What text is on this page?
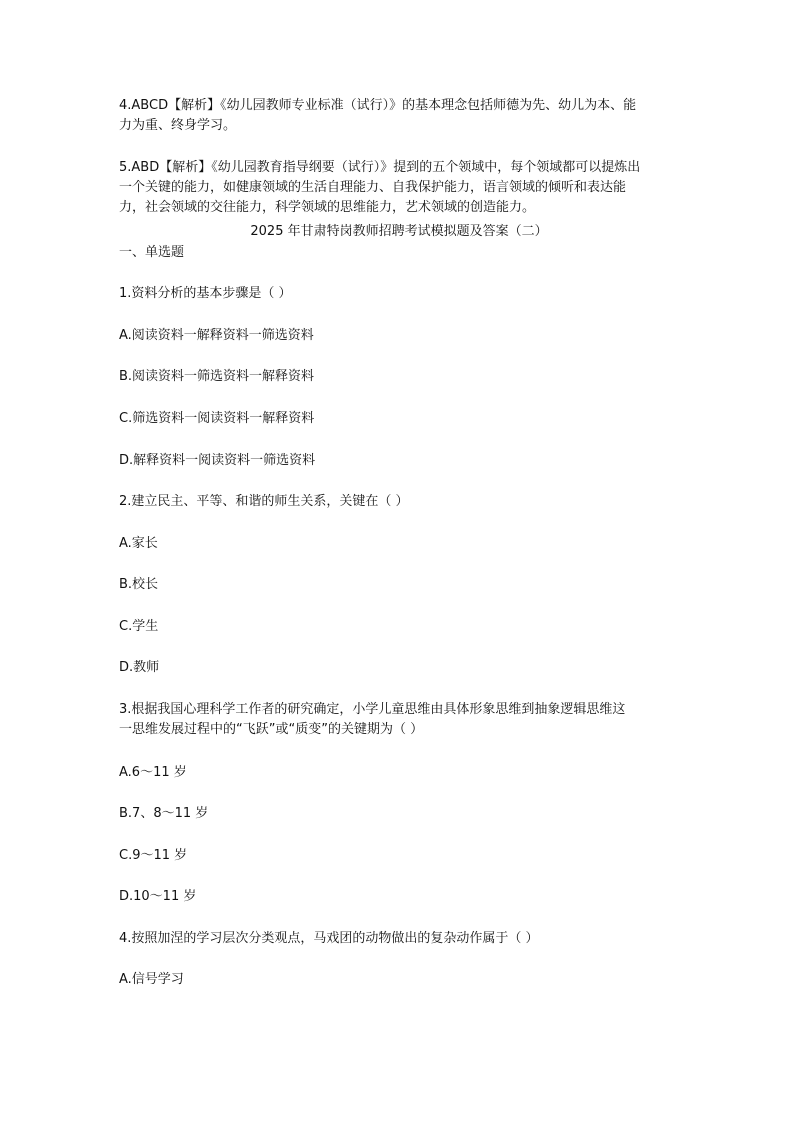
4.ABCD【解析】《幼儿园教师专业标准（试行）》的基本理念包括师德为先、幼儿为本、能
力为重、终身学习。

5.ABD【解析】《幼儿园教育指导纲要（试行）》提到的五个领域中，每个领域都可以提炼出
一个关键的能力，如健康领域的生活自理能力、自我保护能力，语言领域的倾听和表达能
力，社会领域的交往能力，科学领域的思维能力，艺术领域的创造能力。

2025 年甘肃特岗教师招聘考试模拟题及答案（二）

一、单选题

1.资料分析的基本步骤是（ ）

A.阅读资料一解释资料一筛选资料

B.阅读资料一筛选资料一解释资料

C.筛选资料一阅读资料一解释资料

D.解释资料一阅读资料一筛选资料

2.建立民主、平等、和谐的师生关系，关键在（ ）

A.家长

B.校长

C.学生

D.教师

3.根据我国心理科学工作者的研究确定，小学儿童思维由具体形象思维到抽象逻辑思维这
一思维发展过程中的“飞跃”或“质变”的关键期为（ ）

A.6～11 岁

B.7、8～11 岁

C.9～11 岁

D.10～11 岁

4.按照加涅的学习层次分类观点，马戏团的动物做出的复杂动作属于（ ）

A.信号学习
